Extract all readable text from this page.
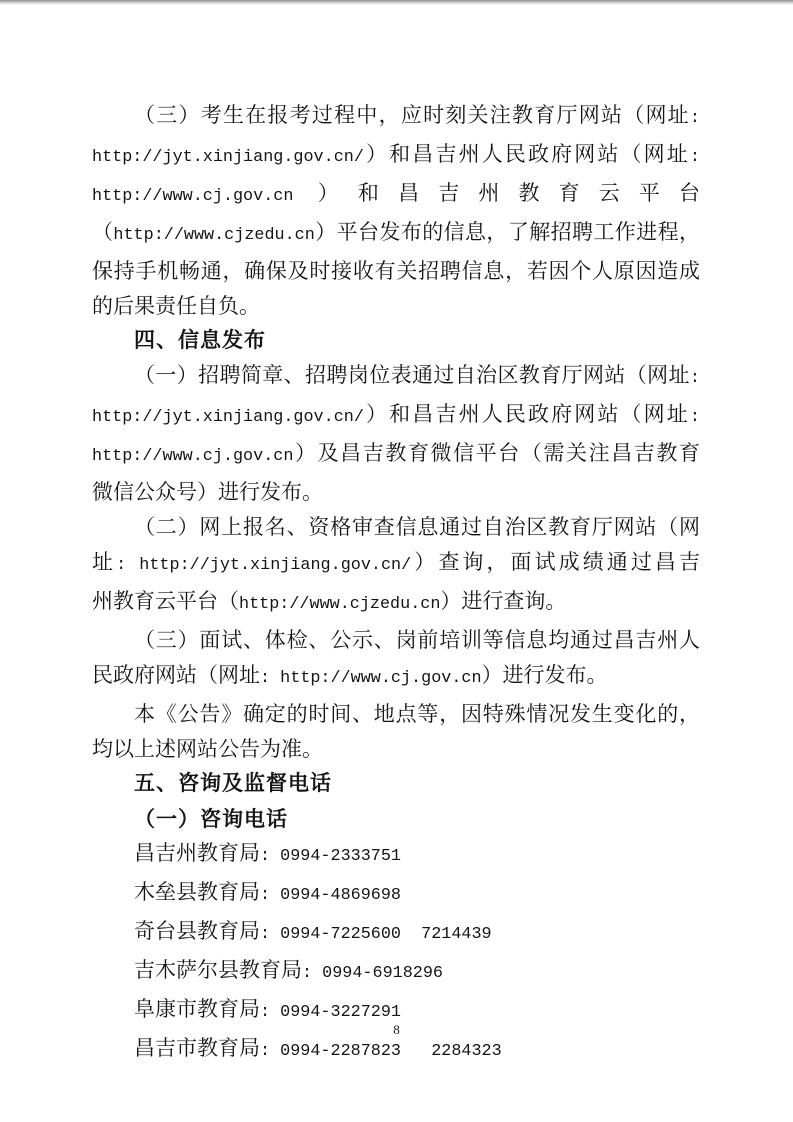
（三）考生在报考过程中，应时刻关注教育厅网站（网址:
http://jyt.xinjiang.gov.cn/）和昌吉州人民政府网站（网址:
http://www.cj.gov.cn ）和昌吉州教育云平台
（http://www.cjzedu.cn）平台发布的信息，了解招聘工作进程，
保持手机畅通，确保及时接收有关招聘信息，若因个人原因造成
的后果责任自负。
四、信息发布
（一）招聘简章、招聘岗位表通过自治区教育厅网站（网址:
http://jyt.xinjiang.gov.cn/）和昌吉州人民政府网站（网址:
http://www.cj.gov.cn）及昌吉教育微信平台（需关注昌吉教育
微信公众号）进行发布。
（二）网上报名、资格审查信息通过自治区教育厅网站（网
址: http://jyt.xinjiang.gov.cn/）查询，面试成绩通过昌吉
州教育云平台（http://www.cjzedu.cn）进行查询。
（三）面试、体检、公示、岗前培训等信息均通过昌吉州人
民政府网站（网址: http://www.cj.gov.cn）进行发布。
本《公告》确定的时间、地点等，因特殊情况发生变化的，
均以上述网站公告为准。
五、咨询及监督电话
（一）咨询电话
昌吉州教育局: 0994-2333751
木垒县教育局: 0994-4869698
奇台县教育局: 0994-7225600  7214439
吉木萨尔县教育局: 0994-6918296
阜康市教育局: 0994-3227291
昌吉市教育局: 0994-2287823   2284323
8
